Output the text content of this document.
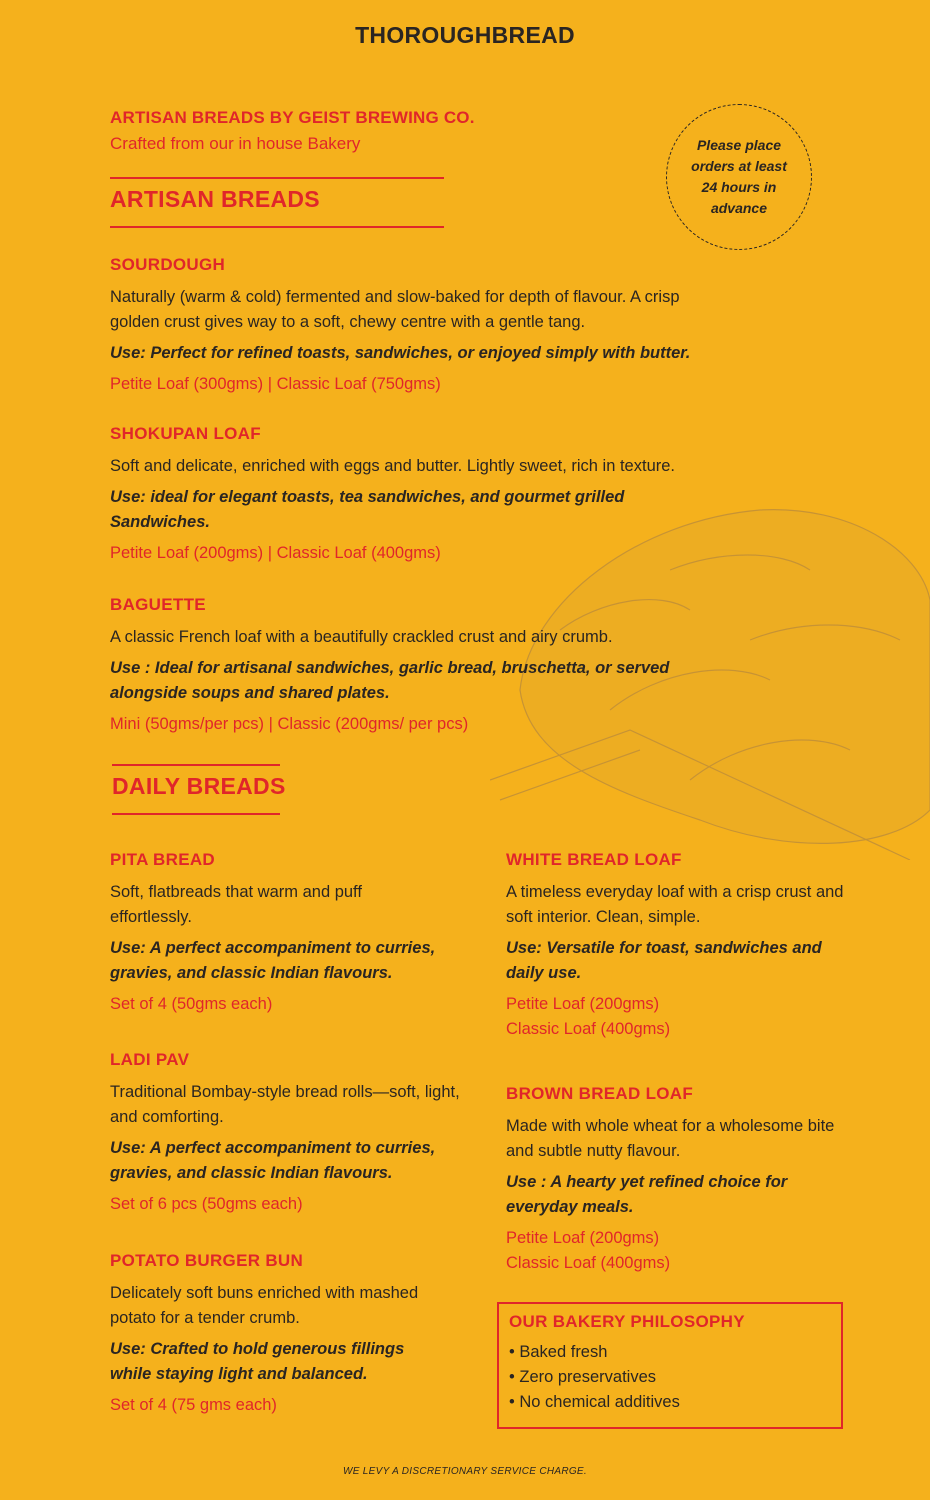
THOROUGHBREAD
ARTISAN BREADS BY GEIST BREWING CO.
Crafted from our in house Bakery	Please place orders at least 24 hours in advance
ARTISAN BREADS
SOURDOUGH
Naturally (warm & cold) fermented and slow-baked for depth of flavour. A crisp golden crust gives way to a soft, chewy centre with a gentle tang.
Use: Perfect for refined toasts, sandwiches, or enjoyed simply with butter.
Petite Loaf (300gms) | Classic Loaf (750gms)
SHOKUPAN LOAF
Soft and delicate, enriched with eggs and butter. Lightly sweet, rich in texture.
Use: ideal for elegant toasts, tea sandwiches, and gourmet grilled Sandwiches.
Petite Loaf (200gms) | Classic Loaf (400gms)
BAGUETTE
A classic French loaf with a beautifully crackled crust and airy crumb.
Use : Ideal for artisanal sandwiches, garlic bread, bruschetta, or served alongside soups and shared plates.
Mini (50gms/per pcs) | Classic (200gms/ per pcs)
DAILY BREADS
PITA BREAD
Soft, flatbreads that warm and puff effortlessly.
Use: A perfect accompaniment to curries, gravies, and classic Indian flavours.
Set of 4 (50gms each)
LADI PAV
Traditional Bombay-style bread rolls—soft, light, and comforting.
Use: A perfect accompaniment to curries, gravies, and classic Indian flavours.
Set of 6 pcs (50gms each)
POTATO BURGER BUN
Delicately soft buns enriched with mashed potato for a tender crumb.
Use: Crafted to hold generous fillings while staying light and balanced.
Set of 4 (75 gms each)
WHITE BREAD LOAF
A timeless everyday loaf with a crisp crust and soft interior. Clean, simple.
Use: Versatile for toast, sandwiches and daily use.
Petite Loaf (200gms)
Classic Loaf (400gms)
BROWN BREAD LOAF
Made with whole wheat for a wholesome bite and subtle nutty flavour.
Use : A hearty yet refined choice for everyday meals.
Petite Loaf (200gms)
Classic Loaf (400gms)
OUR BAKERY PHILOSOPHY
• Baked fresh
• Zero preservatives
• No chemical additives
WE LEVY A DISCRETIONARY SERVICE CHARGE.
